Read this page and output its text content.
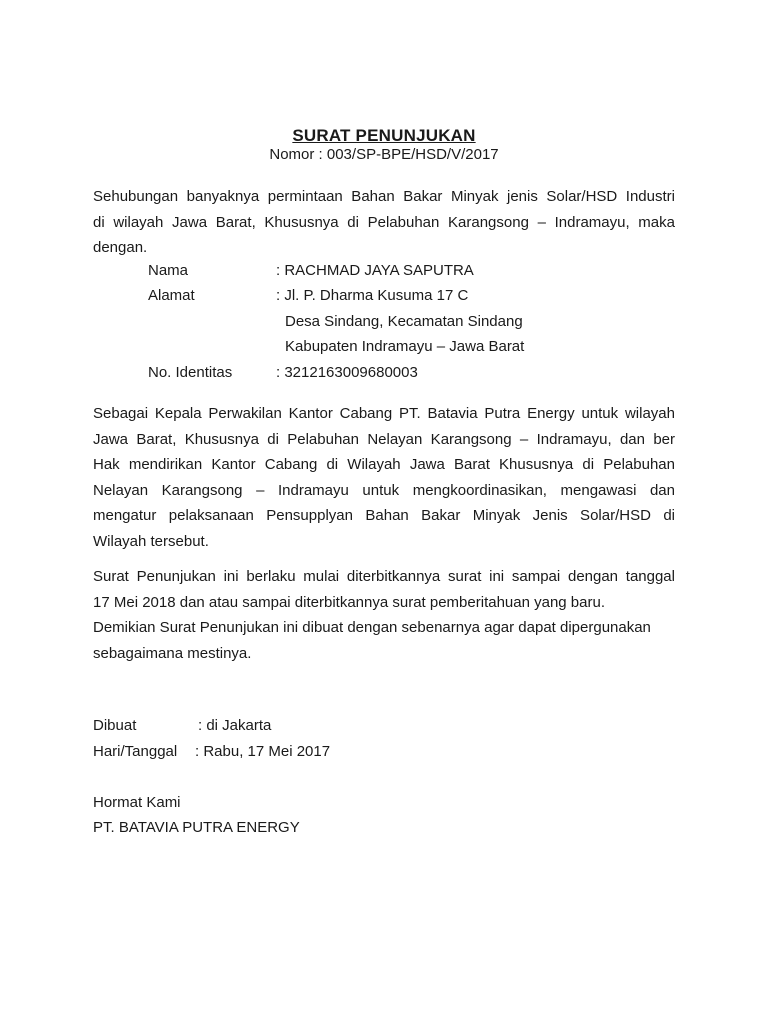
SURAT PENUNJUKAN
Nomor : 003/SP-BPE/HSD/V/2017
Sehubungan banyaknya permintaan Bahan Bakar Minyak jenis Solar/HSD Industri
di wilayah Jawa Barat, Khususnya di Pelabuhan Karangsong – Indramayu, maka
dengan.
Nama	: RACHMAD JAYA SAPUTRA
Alamat	: Jl. P. Dharma Kusuma 17 C
Desa Sindang, Kecamatan Sindang
Kabupaten Indramayu – Jawa Barat
No. Identitas	: 3212163009680003
Sebagai Kepala Perwakilan Kantor Cabang PT. Batavia Putra Energy untuk wilayah
Jawa Barat, Khususnya di Pelabuhan Nelayan Karangsong – Indramayu, dan ber
Hak mendirikan Kantor Cabang di Wilayah Jawa Barat Khususnya di Pelabuhan
Nelayan Karangsong – Indramayu untuk mengkoordinasikan, mengawasi dan
mengatur pelaksanaan Pensupplyan Bahan Bakar Minyak Jenis Solar/HSD di
Wilayah tersebut.
Surat Penunjukan ini berlaku mulai diterbitkannya surat ini sampai dengan tanggal
17 Mei 2018 dan atau sampai diterbitkannya surat pemberitahuan yang baru.
Demikian Surat Penunjukan ini dibuat dengan sebenarnya agar dapat dipergunakan
sebagaimana mestinya.
Dibuat	: di Jakarta
Hari/Tanggal : Rabu, 17 Mei 2017
Hormat Kami
PT. BATAVIA PUTRA ENERGY
